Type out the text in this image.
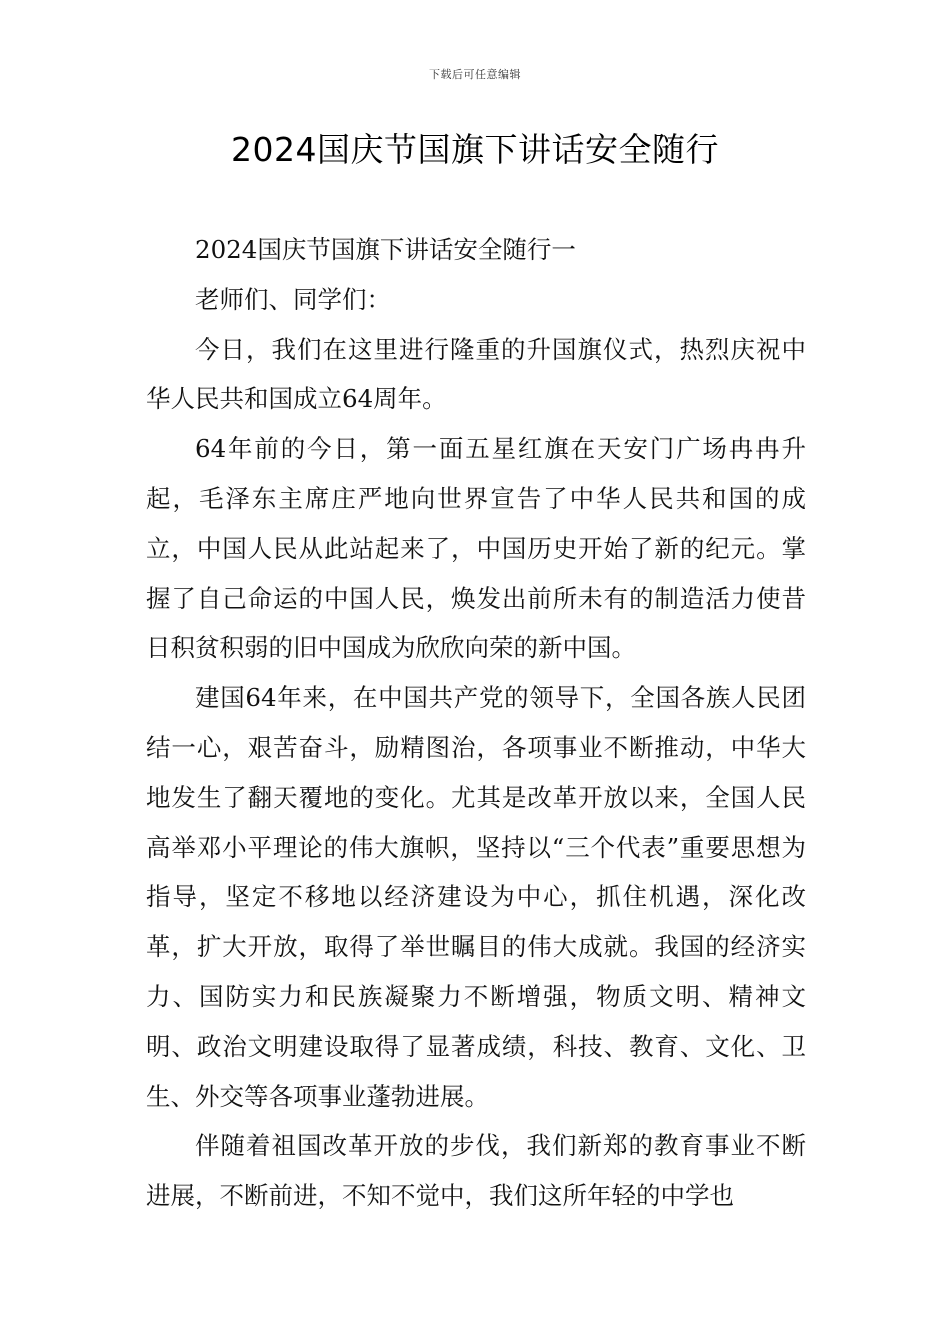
下载后可任意编辑
2024国庆节国旗下讲话安全随行

2024国庆节国旗下讲话安全随行一

老师们、同学们：

今日，我们在这里进行隆重的升国旗仪式，热烈庆祝中华人民共和国成立64周年。

64年前的今日，第一面五星红旗在天安门广场冉冉升起，毛泽东主席庄严地向世界宣告了中华人民共和国的成立，中国人民从此站起来了，中国历史开始了新的纪元。掌握了自己命运的中国人民，焕发出前所未有的制造活力使昔日积贫积弱的旧中国成为欣欣向荣的新中国。

建国64年来，在中国共产党的领导下，全国各族人民团结一心，艰苦奋斗，励精图治，各项事业不断推动，中华大地发生了翻天覆地的变化。尤其是改革开放以来，全国人民高举邓小平理论的伟大旗帜，坚持以“三个代表”重要思想为指导，坚定不移地以经济建设为中心，抓住机遇，深化改革，扩大开放，取得了举世瞩目的伟大成就。我国的经济实力、国防实力和民族凝聚力不断增强，物质文明、精神文明、政治文明建设取得了显著成绩，科技、教育、文化、卫生、外交等各项事业蓬勃进展。

伴随着祖国改革开放的步伐，我们新郑的教育事业不断进展，不断前进，不知不觉中，我们这所年轻的中学也
